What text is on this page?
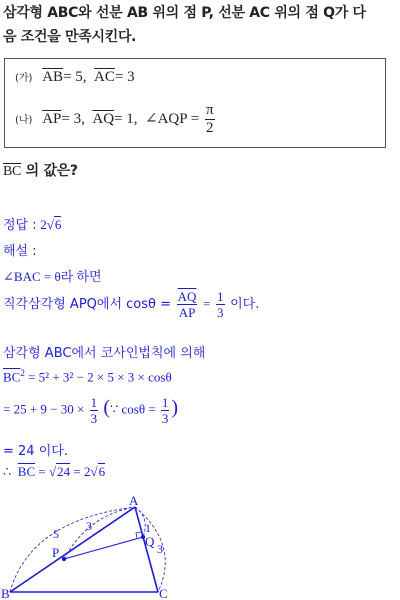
삼각형 ABC와 선분 AB 위의 점 P, 선분 AC 위의 점 Q가 다
음 조건을 만족시킨다.
(가) $\overline{AB}= 5$, $\overline{AC}= 3$
(나) $\overline{AP}= 3$, $\overline{AQ}= 1$, ∠AQP = $\frac{\pi}{2}$
$\overline{BC}$ 의 값은?
정답 : 2√6
해설 :
∠BAC = θ라 하면
직각삼각형 APQ에서 $\cos\theta = \frac{\overline{AQ}}{AP} = \frac{1}{3}$ 이다.
삼각형 ABC에서 코사인법칙에 의해
$\overline{BC}^2 = 5^2 + 3^2 - 2 \times 5 \times 3 \times \cos\theta$
= $25 + 9 - 30 \times \frac{1}{3}$ (∵ $\cos\theta = \frac{1}{3}$ )
= 24 이다.
∴ $\overline{BC} = √24 = 2√6$
A
B	C
P
Q
5
3	1
3
